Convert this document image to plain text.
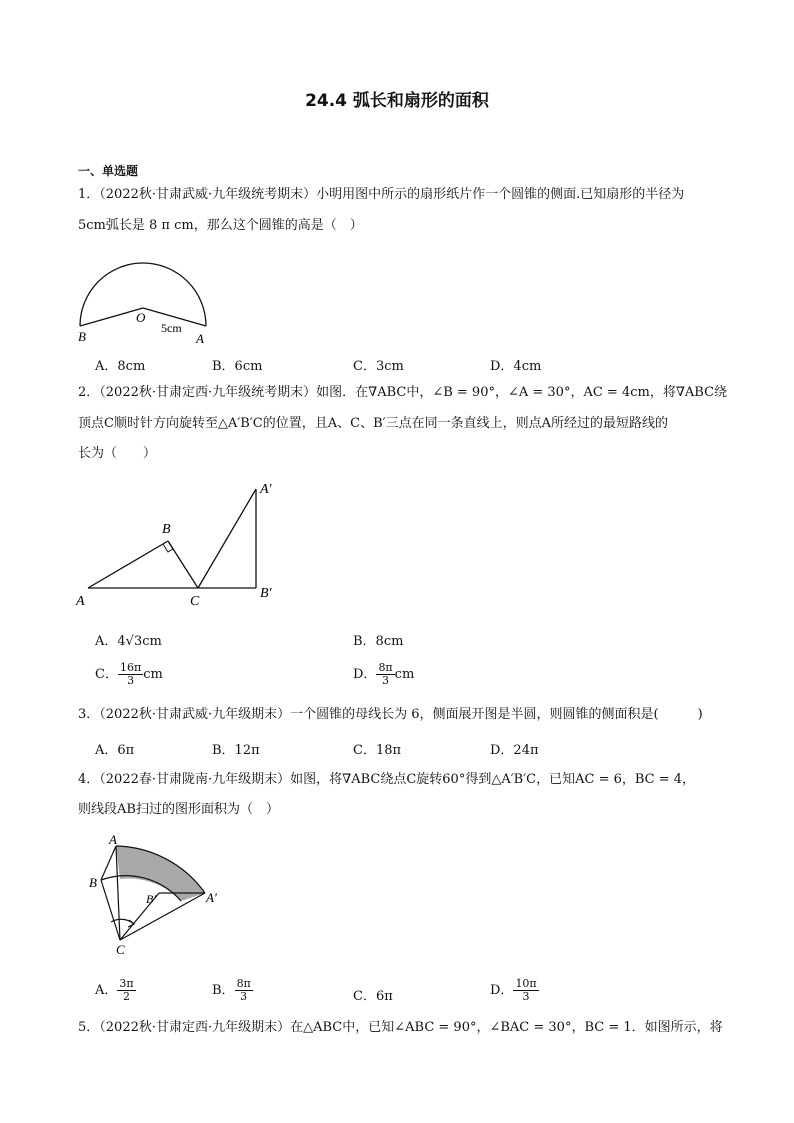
24.4 弧长和扇形的面积
一、单选题
1．（2022秋·甘肃武威·九年级统考期末）小明用图中所示的扇形纸片作一个圆锥的侧面.已知扇形的半径为
5cm弧长是 8 π cm，那么这个圆锥的高是（　）
B
O
A
5cm
A．8cm	B．6cm	C．3cm	D．4cm
2．（2022秋·甘肃定西·九年级统考期末）如图．在∇ABC中，∠B = 90°，∠A = 30°，AC = 4cm，将∇ABC绕
顶点C顺时针方向旋转至△A′B′C的位置，且A、C、B′三点在同一条直线上，则点A所经过的最短路线的
长为（　　）
A
B
C
A′
B′
A．4√3cm	B．8cm
C． $\frac{16\pi}{3}$ cm	D． $\frac{8\pi}{3}$ cm
3．（2022秋·甘肃武威·九年级期末）一个圆锥的母线长为 6，侧面展开图是半圆，则圆锥的侧面积是(　　　)
A．6π	B．12π	C．18π	D．24π
4．（2022春·甘肃陇南·九年级期末）如图，将∇ABC绕点C旋转60°得到△A′B′C，已知AC = 6，BC = 4，
则线段AB扫过的图形面积为（　）
A
B
C
A′
B′
A． $\frac{3\pi}{2}$	B． $\frac{8\pi}{3}$	C．6π	D． $\frac{10\pi}{3}$
5．（2022秋·甘肃定西·九年级期末）在△ABC中，已知∠ABC = 90°，∠BAC = 30°，BC = 1．如图所示，将
